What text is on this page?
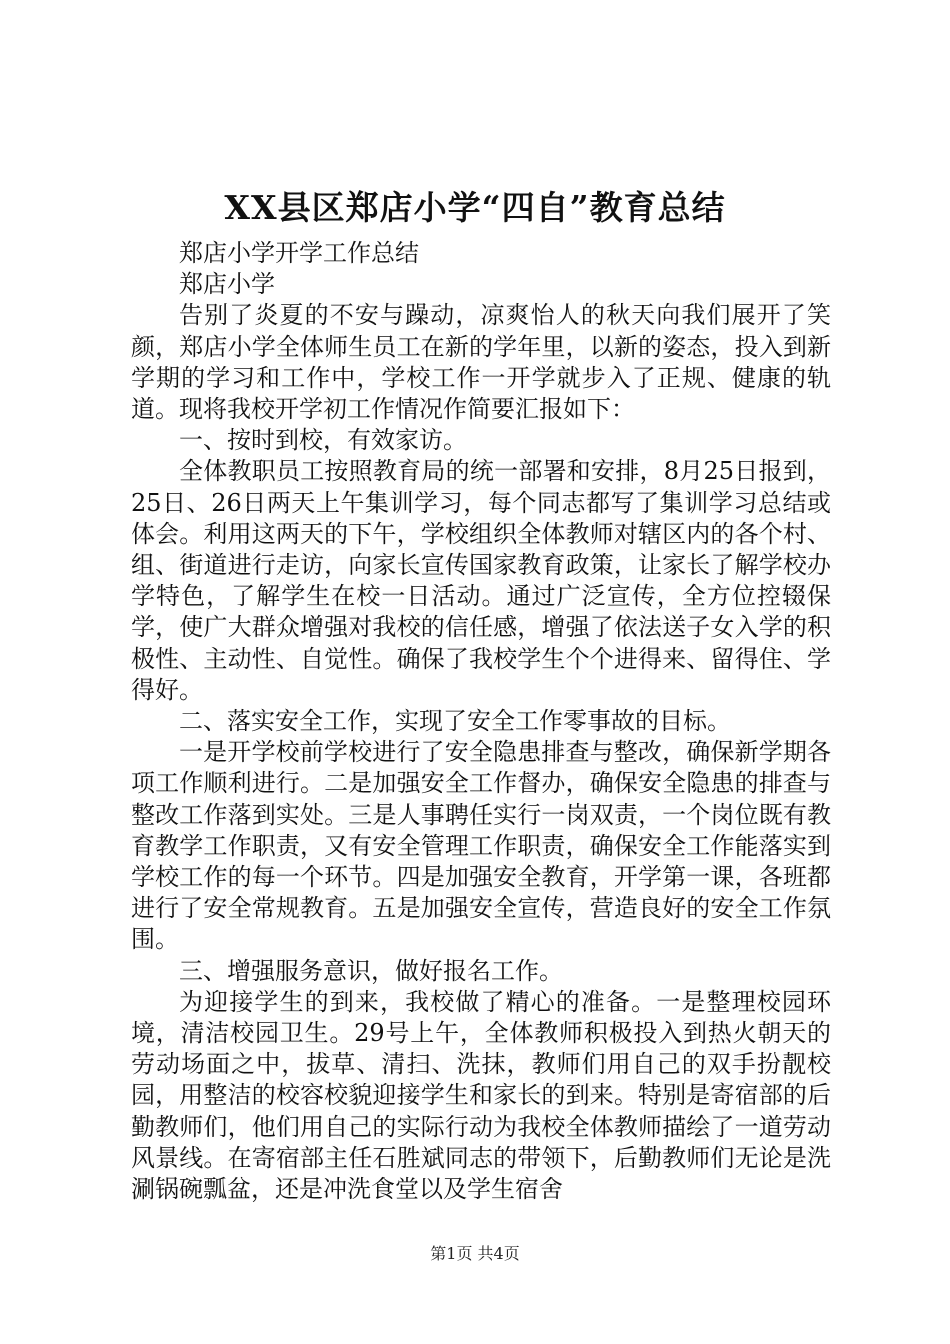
XX县区郑店小学“四自”教育总结

郑店小学开学工作总结

郑店小学

告别了炎夏的不安与躁动，凉爽怡人的秋天向我们展开了笑颜，郑店小学全体师生员工在新的学年里，以新的姿态，投入到新学期的学习和工作中，学校工作一开学就步入了正规、健康的轨道。现将我校开学初工作情况作简要汇报如下：

一、按时到校，有效家访。

全体教职员工按照教育局的统一部署和安排，8月25日报到，25日、26日两天上午集训学习，每个同志都写了集训学习总结或体会。利用这两天的下午，学校组织全体教师对辖区内的各个村、组、街道进行走访，向家长宣传国家教育政策，让家长了解学校办学特色，了解学生在校一日活动。通过广泛宣传，全方位控辍保学，使广大群众增强对我校的信任感，增强了依法送子女入学的积极性、主动性、自觉性。确保了我校学生个个进得来、留得住、学得好。

二、落实安全工作，实现了安全工作零事故的目标。

一是开学校前学校进行了安全隐患排查与整改，确保新学期各项工作顺利进行。二是加强安全工作督办，确保安全隐患的排查与整改工作落到实处。三是人事聘任实行一岗双责，一个岗位既有教育教学工作职责，又有安全管理工作职责，确保安全工作能落实到学校工作的每一个环节。四是加强安全教育，开学第一课，各班都进行了安全常规教育。五是加强安全宣传，营造良好的安全工作氛围。

三、增强服务意识，做好报名工作。

为迎接学生的到来，我校做了精心的准备。一是整理校园环境，清洁校园卫生。29号上午，全体教师积极投入到热火朝天的劳动场面之中，拔草、清扫、洗抹，教师们用自己的双手扮靓校园，用整洁的校容校貌迎接学生和家长的到来。特别是寄宿部的后勤教师们，他们用自己的实际行动为我校全体教师描绘了一道劳动风景线。在寄宿部主任石胜斌同志的带领下，后勤教师们无论是洗涮锅碗瓢盆，还是冲洗食堂以及学生宿舍

第1页 共4页
